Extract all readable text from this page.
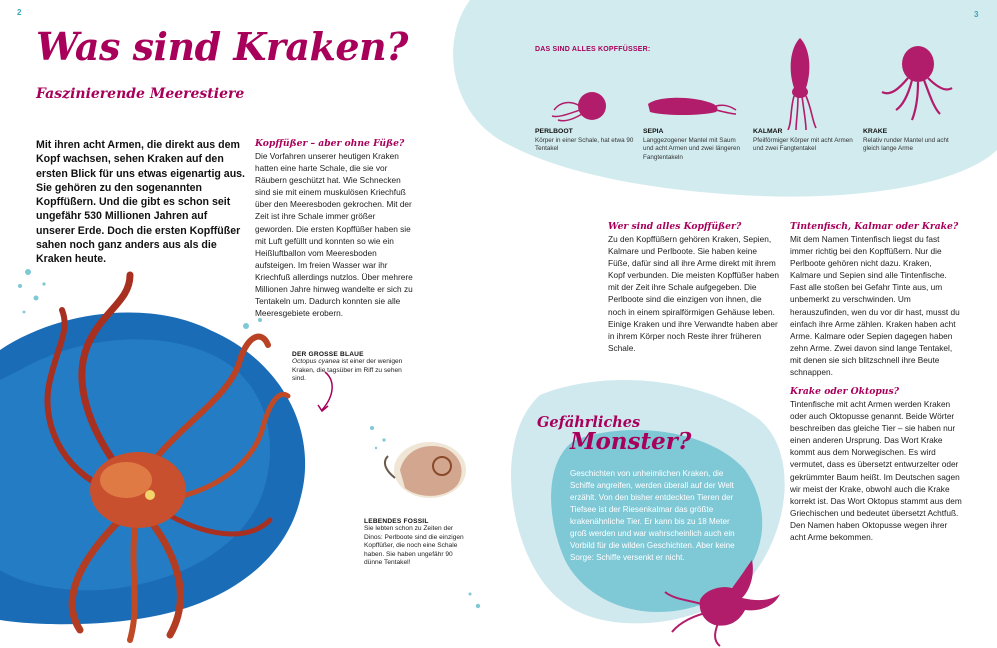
2	3
Was sind Kraken?
Faszinierende Meerestiere
Mit ihren acht Armen, die direkt aus dem Kopf wachsen, sehen Kraken auf den ersten Blick für uns etwas eigenartig aus. Sie gehören zu den sogenannten Kopffüßern. Und die gibt es schon seit ungefähr 530 Millionen Jahren auf unserer Erde. Doch die ersten Kopffüßer sahen noch ganz anders aus als die Kraken heute.
Kopffüßer – aber ohne Füße?
Die Vorfahren unserer heutigen Kraken hatten eine harte Schale, die sie vor Räubern geschützt hat. Wie Schnecken sind sie mit einem muskulösen Kriechfuß über den Meeresboden gekrochen. Mit der Zeit ist ihre Schale immer größer geworden. Die ersten Kopffüßer haben sie mit Luft gefüllt und konnten so wie ein Heißluftballon vom Meeresboden aufsteigen. Im freien Wasser war ihr Kriechfuß allerdings nutzlos. Über mehrere Millionen Jahre hinweg wandelte er sich zu Tentakeln um. Dadurch konnten sie alle Meeresgebiete erobern.
DER GROSSE BLAUE
Octopus cyanea ist einer der wenigen Kraken, die tagsüber im Riff zu sehen sind.
LEBENDES FOSSIL
Sie lebten schon zu Zeiten der Dinos: Perlboote sind die einzigen Kopffüßer, die noch eine Schale haben. Sie haben ungefähr 90 dünne Tentakel!
DAS SIND ALLES KOPFFÜSSER:
PERLBOOT
Körper in einer Schale, hat etwa 90 Tentakel
SEPIA
Langgezogener Mantel mit Saum und acht Armen und zwei längeren Fangtentakeln
KALMAR
Pfeilförmiger Körper mit acht Armen und zwei Fangtentakel
KRAKE
Relativ runder Mantel und acht gleich lange Arme
Wer sind alles Kopffüßer?
Zu den Kopffüßern gehören Kraken, Sepien, Kalmare und Perlboote. Sie haben keine Füße, dafür sind all ihre Arme direkt mit ihrem Kopf verbunden. Die meisten Kopffüßer haben mit der Zeit ihre Schale aufgegeben. Die Perlboote sind die einzigen von ihnen, die noch in einem spiralförmigen Gehäuse leben. Einige Kraken und ihre Verwandte haben aber in ihrem Körper noch Reste ihrer früheren Schale.
Tintenfisch, Kalmar oder Krake?
Mit dem Namen Tintenfisch liegst du fast immer richtig bei den Kopffüßern. Nur die Perlboote gehören nicht dazu. Kraken, Kalmare und Sepien sind alle Tintenfische. Fast alle stoßen bei Gefahr Tinte aus, um unbemerkt zu verschwinden. Um herauszufinden, wen du vor dir hast, musst du einfach ihre Arme zählen. Kraken haben acht Arme. Kalmare oder Sepien dagegen haben zehn Arme. Zwei davon sind lange Tentakel, mit denen sie sich blitzschnell ihre Beute schnappen.
Krake oder Oktopus?
Tintenfische mit acht Armen werden Kraken oder auch Oktopusse genannt. Beide Wörter beschreiben das gleiche Tier – sie haben nur einen anderen Ursprung. Das Wort Krake kommt aus dem Norwegischen. Es wird vermutet, dass es übersetzt entwurzelter oder gekrümmter Baum heißt. Im Deutschen sagen wir meist der Krake, obwohl auch die Krake korrekt ist. Das Wort Oktopus stammt aus dem Griechischen und bedeutet übersetzt Achtfuß. Den Namen haben Oktopusse wegen ihrer acht Arme bekommen.
Gefährliches
Monster?
Geschichten von unheimlichen Kraken, die Schiffe angreifen, werden überall auf der Welt erzählt. Von den bisher entdeckten Tieren der Tiefsee ist der Riesenkalmar das größte krakenähnliche Tier. Er kann bis zu 18 Meter groß werden und war wahrscheinlich auch ein Vorbild für die wilden Geschichten. Aber keine Sorge: Schiffe versenkt er nicht.
